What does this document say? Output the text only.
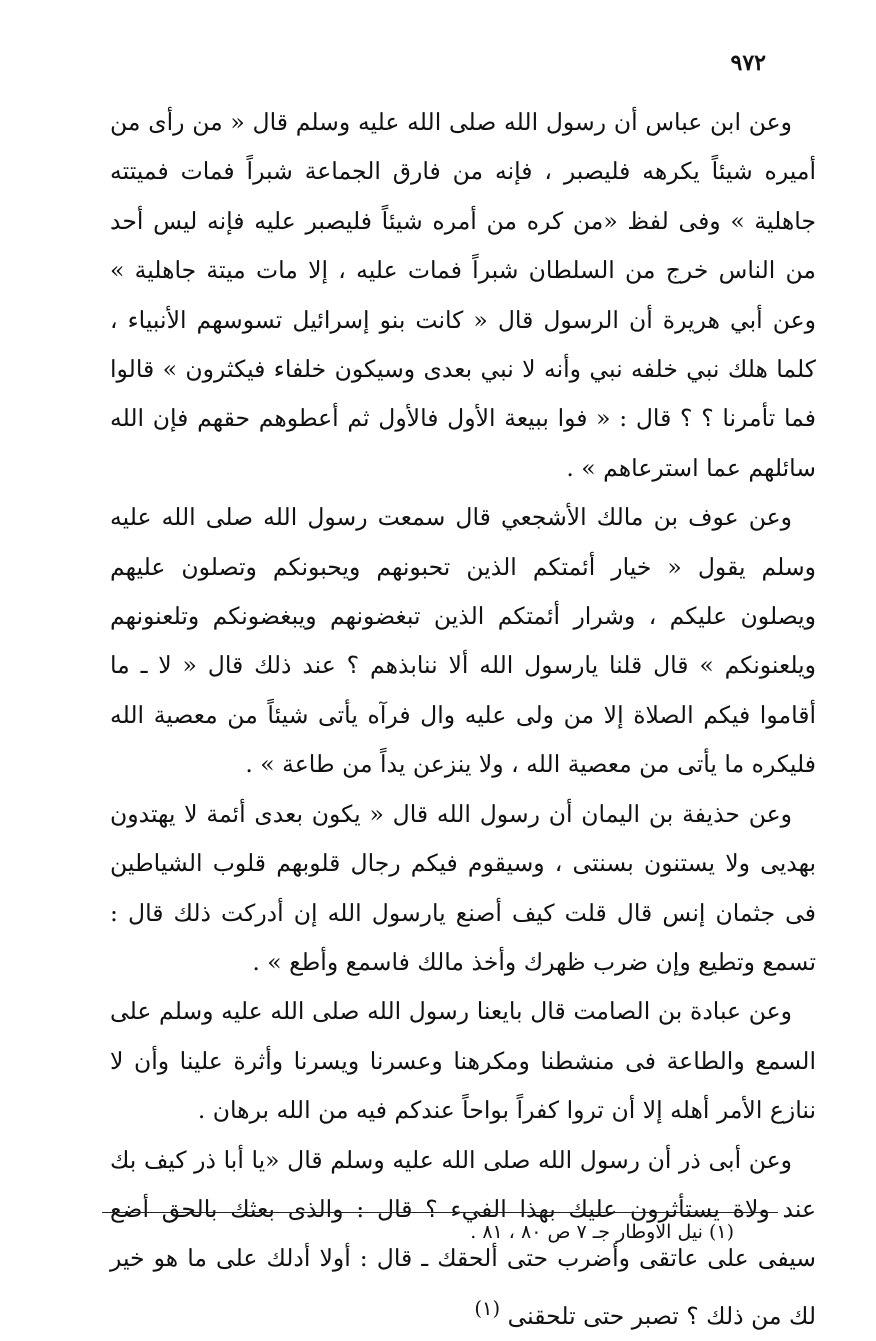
٩٧٢

وعن ابن عباس أن رسول الله صلى الله عليه وسلم قال « من رأى من أميره شيئاً يكرهه فليصبر ، فإنه من فارق الجماعة شبراً فمات فميتته جاهلية » وفى لفظ «من كره من أمره شيئاً فليصبر عليه فإنه ليس أحد من الناس خرج من السلطان شبراً فمات عليه ، إلا مات ميتة جاهلية » وعن أبي هريرة أن الرسول قال « كانت بنو إسرائيل تسوسهم الأنبياء ، كلما هلك نبي خلفه نبي وأنه لا نبي بعدى وسيكون خلفاء فيكثرون » قالوا فما تأمرنا ؟ ؟ قال : « فوا ببيعة الأول فالأول ثم أعطوهم حقهم فإن الله سائلهم عما استرعاهم » .

وعن عوف بن مالك الأشجعي قال سمعت رسول الله صلى الله عليه وسلم يقول « خيار أئمتكم الذين تحبونهم ويحبونكم وتصلون عليهم ويصلون عليكم ، وشرار أئمتكم الذين تبغضونهم ويبغضونكم وتلعنونهم ويلعنونكم » قال قلنا يارسول الله ألا ننابذهم ؟ عند ذلك قال « لا ـ ما أقاموا فيكم الصلاة إلا من ولى عليه وال فرآه يأتى شيئاً من معصية الله فليكره ما يأتى من معصية الله ، ولا ينزعن يداً من طاعة » .

وعن حذيفة بن اليمان أن رسول الله قال « يكون بعدى أئمة لا يهتدون بهديى ولا يستنون بسنتى ، وسيقوم فيكم رجال قلوبهم قلوب الشياطين فى جثمان إنس قال قلت كيف أصنع يارسول الله إن أدركت ذلك قال : تسمع وتطيع وإن ضرب ظهرك وأخذ مالك فاسمع وأطع » .

وعن عبادة بن الصامت قال بايعنا رسول الله صلى الله عليه وسلم على السمع والطاعة فى منشطنا ومكرهنا وعسرنا ويسرنا وأثرة علينا وأن لا ننازع الأمر أهله إلا أن تروا كفراً بواحاً عندكم فيه من الله برهان .

وعن أبى ذر أن رسول الله صلى الله عليه وسلم قال «يا أبا ذر كيف بك عند ولاة يستأثرون عليك بهذا الفيء ؟ قال : والذى بعثك بالحق أضع سيفى على عاتقى وأضرب حتى ألحقك ـ قال : أولا أدلك على ما هو خير لك من ذلك ؟ تصبر حتى تلحقنى $^{(١)}$

(١) نيل الاوطار جـ ٧ ص ٨٠ ، ٨١ .
